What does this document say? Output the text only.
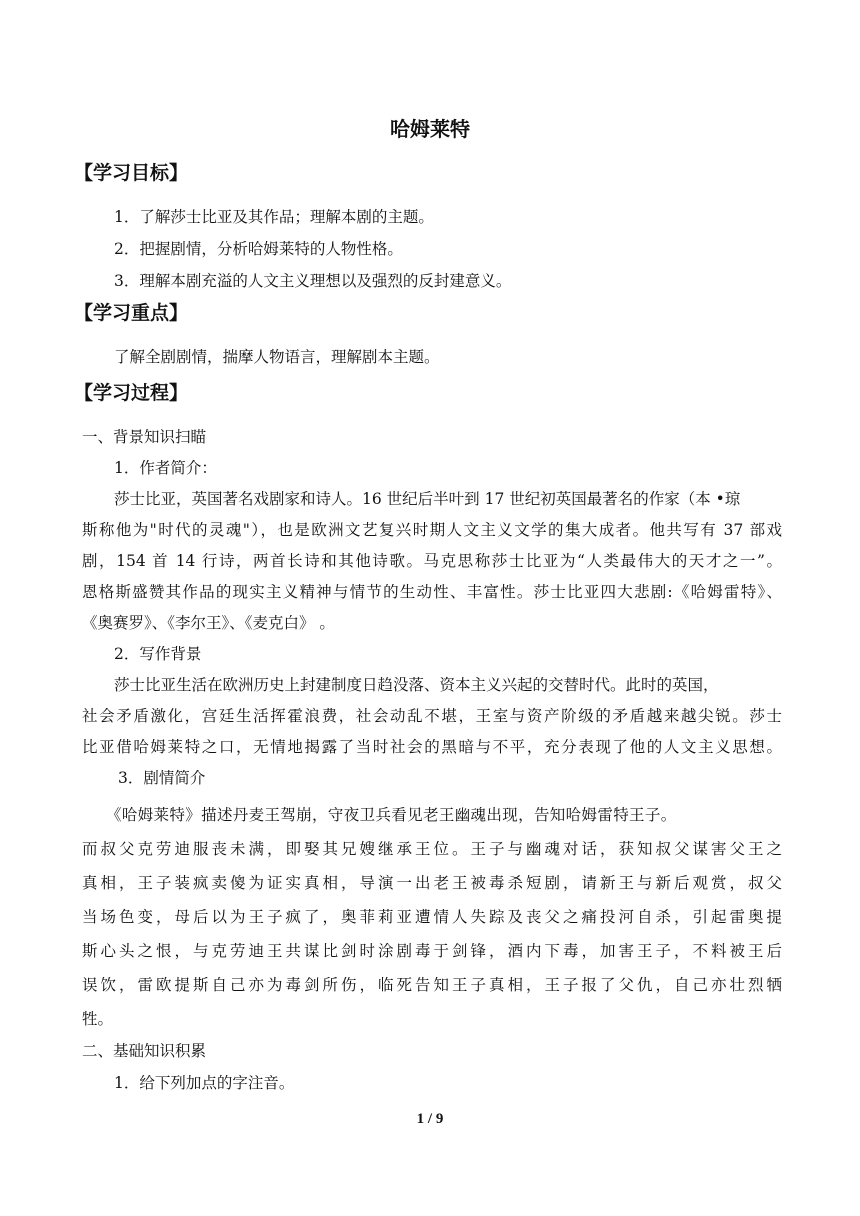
哈姆莱特
【学习目标】
1．了解莎士比亚及其作品；理解本剧的主题。
2．把握剧情，分析哈姆莱特的人物性格。
3．理解本剧充溢的人文主义理想以及强烈的反封建意义。
【学习重点】
了解全剧剧情，揣摩人物语言，理解剧本主题。
【学习过程】
一、背景知识扫瞄
1．作者简介：
莎士比亚，英国著名戏剧家和诗人。16 世纪后半叶到 17 世纪初英国最著名的作家（本 •琼
斯称他为"时代的灵魂"），也是欧洲文艺复兴时期人文主义文学的集大成者。他共写有 37 部戏
剧，154 首 14 行诗，两首长诗和其他诗歌。马克思称莎士比亚为“人类最伟大的天才之一”。
恩格斯盛赞其作品的现实主义精神与情节的生动性、丰富性。莎士比亚四大悲剧:《哈姆雷特》、
《奥赛罗》、《李尔王》、《麦克白》 。
2．写作背景
莎士比亚生活在欧洲历史上封建制度日趋没落、资本主义兴起的交替时代。此时的英国，
社会矛盾激化，宫廷生活挥霍浪费，社会动乱不堪，王室与资产阶级的矛盾越来越尖锐。莎士
比亚借哈姆莱特之口，无情地揭露了当时社会的黑暗与不平，充分表现了他的人文主义思想。
3．剧情简介
《哈姆莱特》描述丹麦王驾崩，守夜卫兵看见老王幽魂出现，告知哈姆雷特王子。
而叔父克劳迪服丧未满，即娶其兄嫂继承王位。王子与幽魂对话，获知叔父谋害父王之
真相，王子装疯卖傻为证实真相，导演一出老王被毒杀短剧，请新王与新后观赏，叔父
当场色变，母后以为王子疯了，奥菲莉亚遭情人失踪及丧父之痛投河自杀，引起雷奥提
斯心头之恨，与克劳迪王共谋比剑时涂剧毒于剑锋，酒内下毒，加害王子，不料被王后
误饮，雷欧提斯自己亦为毒剑所伤，临死告知王子真相，王子报了父仇，自己亦壮烈牺
牲。
二、基础知识积累
1．给下列加点的字注音。
1 / 9
